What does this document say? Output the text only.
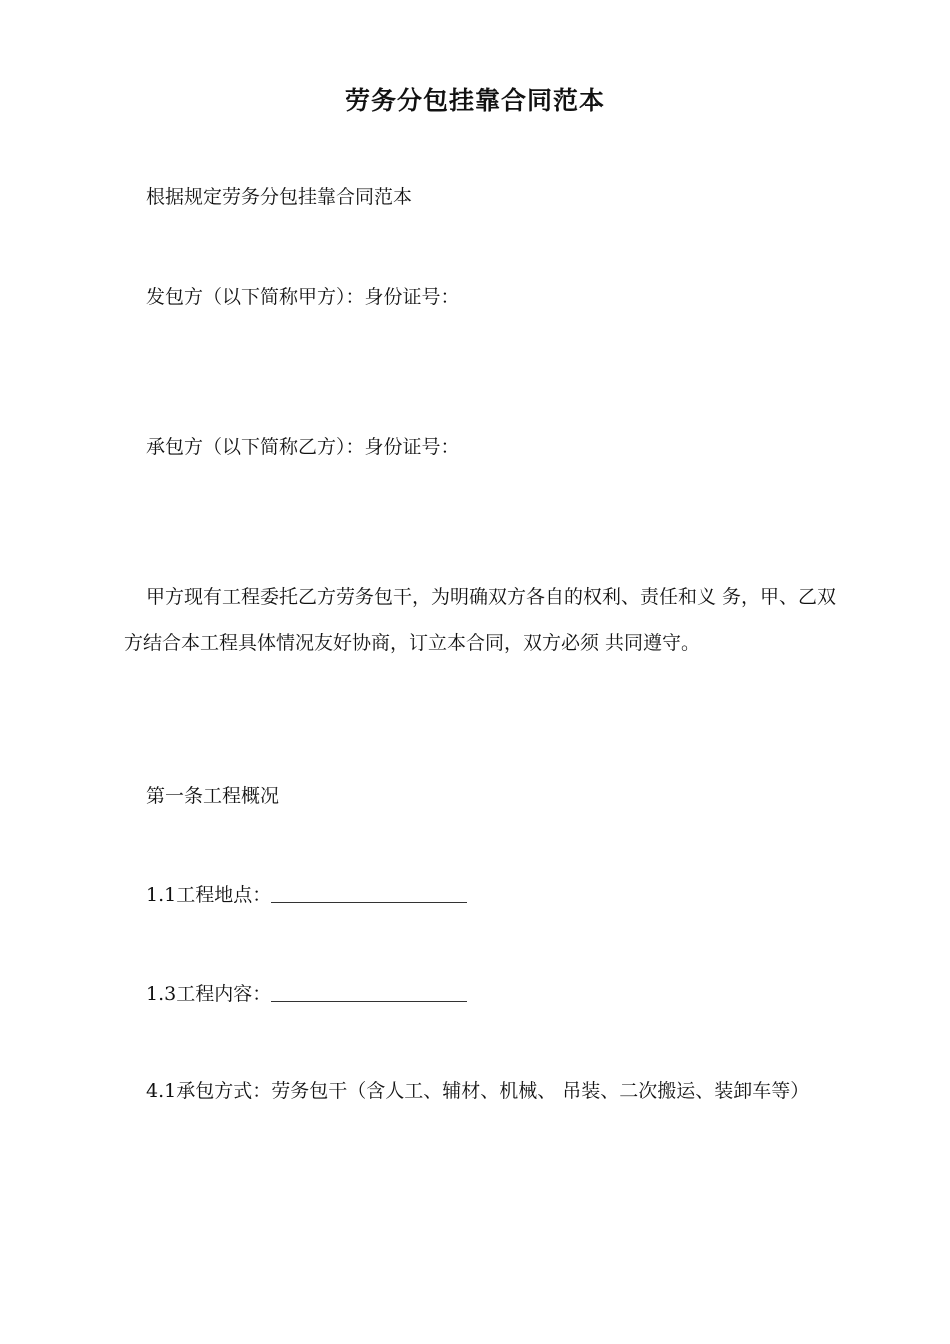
劳务分包挂靠合同范本
根据规定劳务分包挂靠合同范本
发包方（以下简称甲方）：身份证号：
承包方（以下简称乙方）：身份证号：
甲方现有工程委托乙方劳务包干，为明确双方各自的权利、责任和义 务，甲、乙双方结合本工程具体情况友好协商，订立本合同，双方必须 共同遵守。
第一条工程概况
1.1工程地点：
1.3工程内容：
4.1承包方式：劳务包干（含人工、辅材、机械、 吊装、二次搬运、装卸车等）
